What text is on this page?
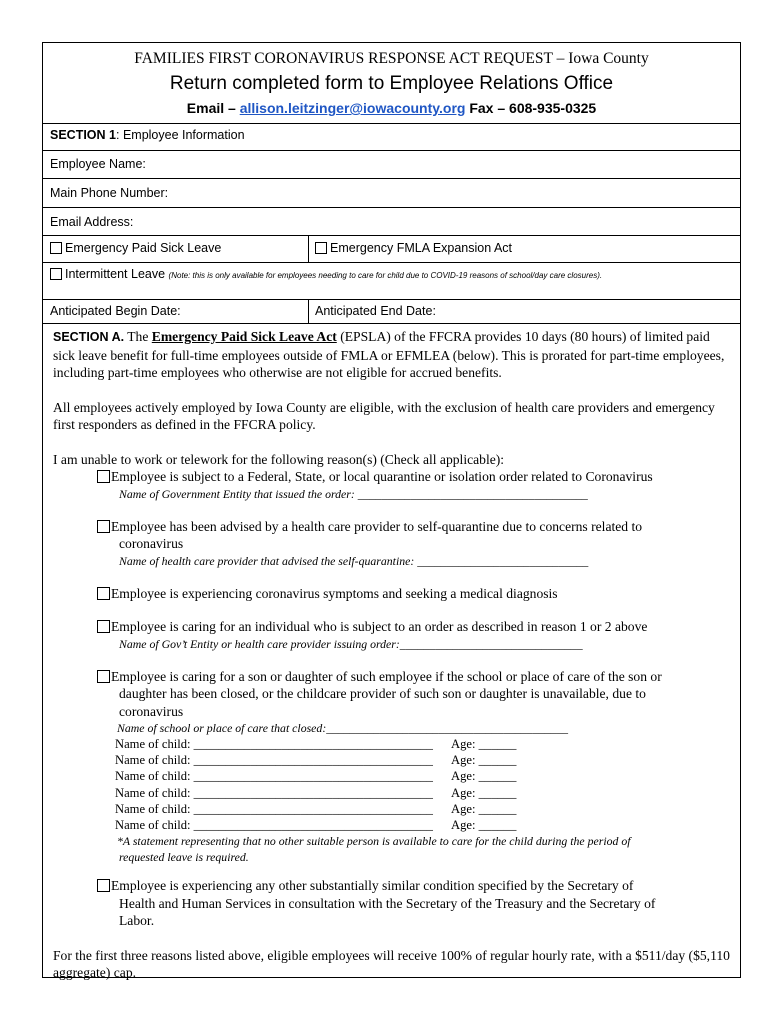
FAMILIES FIRST CORONAVIRUS RESPONSE ACT REQUEST – Iowa County
Return completed form to Employee Relations Office
Email – allison.leitzinger@iowacounty.org Fax – 608-935-0325
SECTION 1: Employee Information
Employee Name:
Main Phone Number:
Email Address:
Emergency Paid Sick Leave	Emergency FMLA Expansion Act
Intermittent Leave (Note: this is only available for employees needing to care for child due to COVID-19 reasons of school/day care closures).
Anticipated Begin Date:	Anticipated End Date:

SECTION A. The Emergency Paid Sick Leave Act (EPSLA) of the FFCRA provides 10 days (80 hours) of limited paid sick leave benefit for full-time employees outside of FMLA or EFMLEA (below). This is prorated for part-time employees, including part-time employees who otherwise are not eligible for accrued benefits.

All employees actively employed by Iowa County are eligible, with the exclusion of health care providers and emergency first responders as defined in the FFCRA policy.

I am unable to work or telework for the following reason(s) (Check all applicable):

Employee is subject to a Federal, State, or local quarantine or isolation order related to Coronavirus
Name of Government Entity that issued the order: _______________________________________
Employee has been advised by a health care provider to self-quarantine due to concerns related to
coronavirus
Name of health care provider that advised the self-quarantine: _____________________________
Employee is experiencing coronavirus symptoms and seeking a medical diagnosis
Employee is caring for an individual who is subject to an order as described in reason 1 or 2 above
Name of Gov’t Entity or health care provider issuing order:_______________________________
Employee is caring for a son or daughter of such employee if the school or place of care of the son or
daughter has been closed, or the childcare provider of such son or daughter is unavailable, due to
coronavirus
Name of school or place of care that closed:_________________________________________
Name of child: ______________________________________	Age: ______
Name of child: ______________________________________	Age: ______
Name of child: ______________________________________	Age: ______
Name of child: ______________________________________	Age: ______
Name of child: ______________________________________	Age: ______
Name of child: ______________________________________	Age: ______
*A statement representing that no other suitable person is available to care for the child during the period of
requested leave is required.
Employee is experiencing any other substantially similar condition specified by the Secretary of
Health and Human Services in consultation with the Secretary of the Treasury and the Secretary of
Labor.

For the first three reasons listed above, eligible employees will receive 100% of regular hourly rate, with a $511/day ($5,110 aggregate) cap.
